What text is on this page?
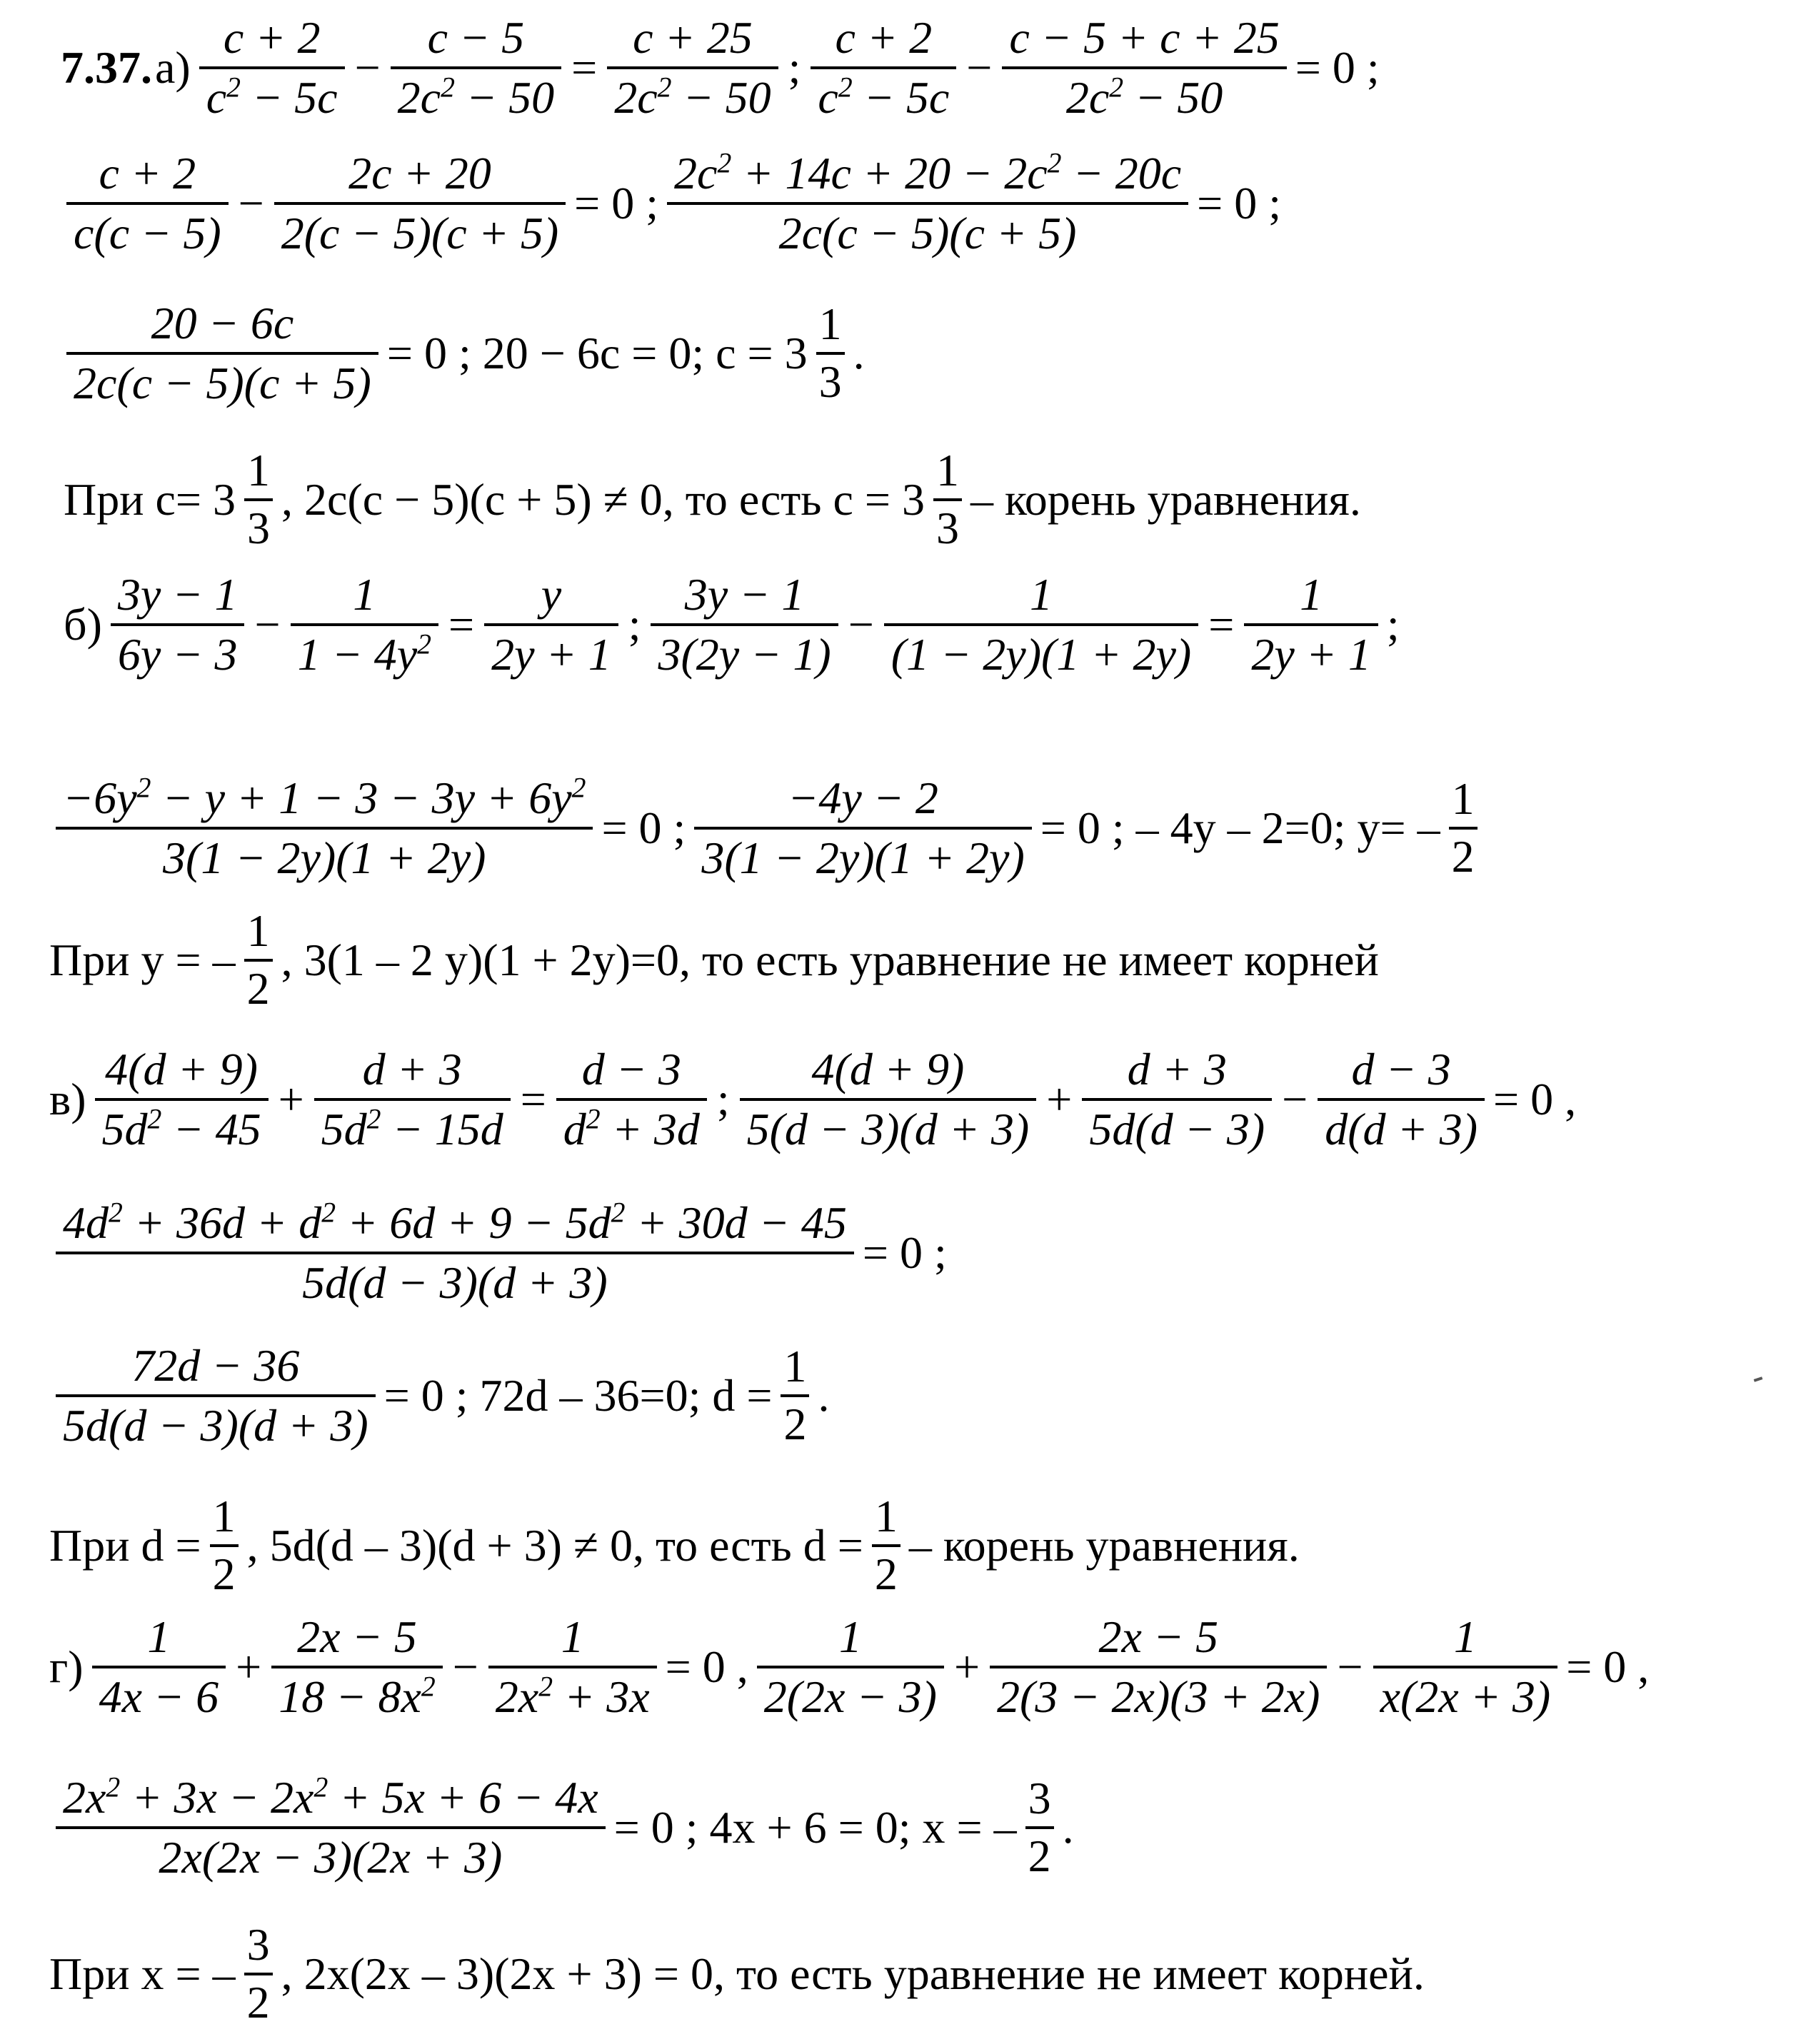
7.37. $а) \frac{c + 2}{c^2 - 5c} - \frac{c - 5}{2c^2 - 50} = \frac{c + 25}{2c^2 - 50}$ ; $\frac{c + 2}{c^2 - 5c} - \frac{c - 5 + c + 25}{2c^2 - 50} = 0$ ;
$\frac{c + 2}{c(c - 5)} - \frac{2c + 20}{2(c - 5)(c + 5)} = 0$ ; $\frac{2c^2 + 14c + 20 - 2c^2 - 20c}{2c(c - 5)(c + 5)} = 0$ ;
$\frac{20 - 6c}{2c(c - 5)(c + 5)} = 0$ ; 20 − 6c = 0; $c = 3 \frac{1}{3}$ .
При $c= 3 \frac{1}{3}$ , 2c(c − 5)(c + 5) ≠ 0, то есть $c = 3 \frac{1}{3}$ – корень уравнения.
$б) \frac{3y - 1}{6y - 3} - \frac{1}{1 - 4y^2} = \frac{y}{2y + 1}$ ; $\frac{3y - 1}{3(2y - 1)} - \frac{1}{(1 - 2y)(1 + 2y)} = \frac{1}{2y + 1}$ ;
$\frac{-6y^2 - y + 1 - 3 - 3y + 6y^2}{3(1 - 2y)(1 + 2y)} = 0$ ; $\frac{-4y - 2}{3(1 - 2y)(1 + 2y)} = 0$ ; – 4y – 2=0; $y= - \frac{1}{2}$
При y = – $\frac{1}{2}$ , 3(1 – 2 y)(1 + 2y)=0, то есть уравнение не имеет корней
$в) \frac{4(d + 9)}{5d^2 - 45} + \frac{d + 3}{5d^2 - 15d} = \frac{d - 3}{d^2 + 3d}$ ; $\frac{4(d + 9)}{5(d - 3)(d + 3)} + \frac{d + 3}{5d(d - 3)} - \frac{d - 3}{d(d + 3)} = 0$ ,
$\frac{4d^2 + 36d + d^2 + 6d + 9 - 5d^2 + 30d - 45}{5d(d - 3)(d + 3)} = 0$ ;
$\frac{72d - 36}{5d(d - 3)(d + 3)} = 0$ ; 72d – 36=0; $d = \frac{1}{2}$ .
При $d = \frac{1}{2}$ , 5d(d – 3)(d + 3) ≠ 0, то есть $d = \frac{1}{2}$ – корень уравнения.
$г) \frac{1}{4x - 6} + \frac{2x - 5}{18 - 8x^2} - \frac{1}{2x^2 + 3x} = 0$ , $\frac{1}{2(2x - 3)} + \frac{2x - 5}{2(3 - 2x)(3 + 2x)} - \frac{1}{x(2x + 3)} = 0$ ,
$\frac{2x^2 + 3x - 2x^2 + 5x + 6 - 4x}{2x(2x - 3)(2x + 3)} = 0$ ; 4x + 6 = 0; x = – $\frac{3}{2}$ .
При x = – $\frac{3}{2}$ , 2x(2x – 3)(2x + 3) = 0, то есть уравнение не имеет корней.
